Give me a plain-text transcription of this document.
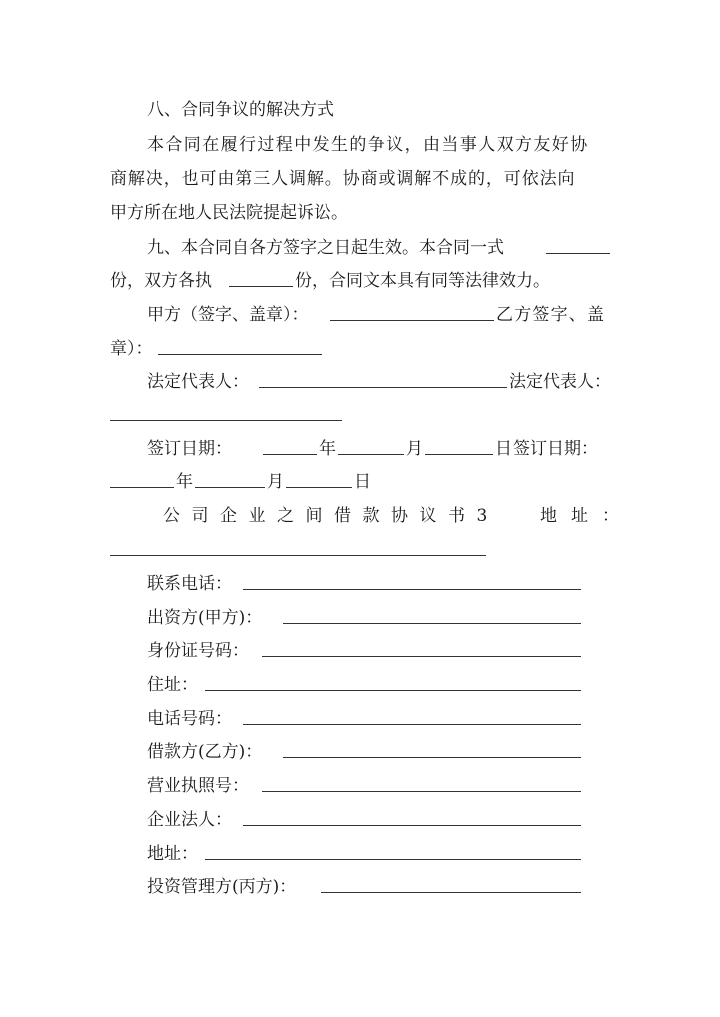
八、合同争议的解决方式
本合同在履行过程中发生的争议，由当事人双方友好协
商解决，也可由第三人调解。协商或调解不成的，可依法向
甲方所在地人民法院提起诉讼。
九、本合同自各方签字之日起生效。本合同一式
份，双方各执	份，合同文本具有同等法律效力。
甲方（签字、盖章）：	乙方签字、盖
章）：
法定代表人：	法定代表人：
签订日期：	年	月	日 签订日期：
年	月	日
公司企业之间借款协议书3 地址：
联系电话：
出资方(甲方)：
身份证号码：
住址：
电话号码：
借款方(乙方)：
营业执照号：
企业法人：
地址：
投资管理方(丙方)：
